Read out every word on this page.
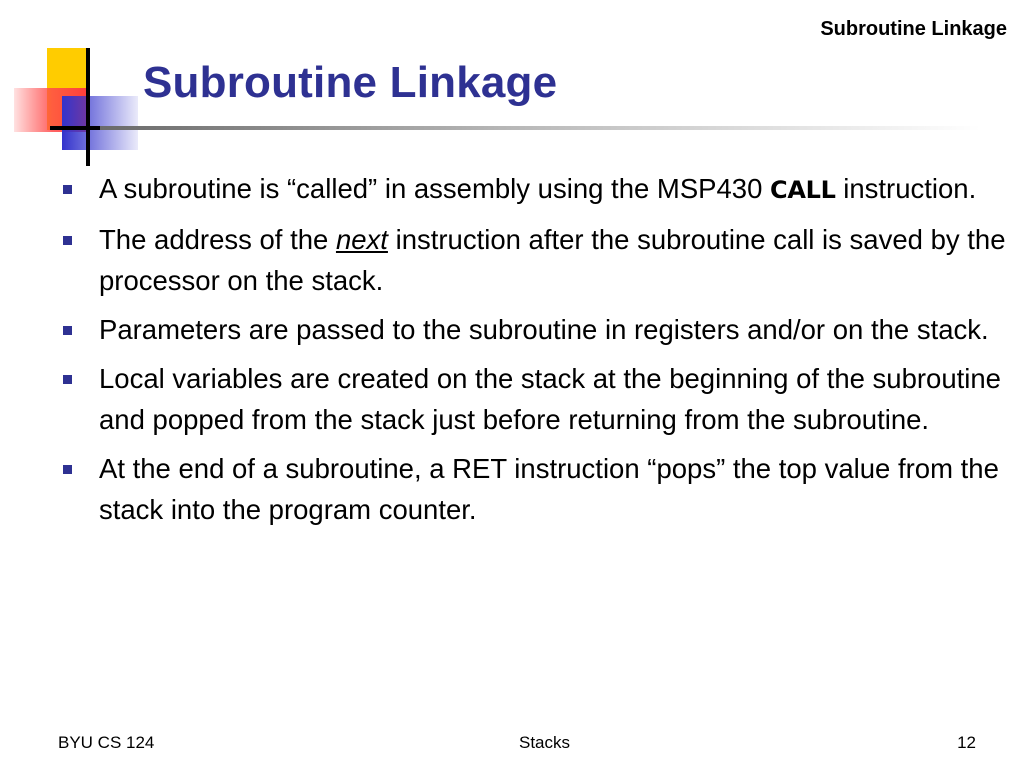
Subroutine Linkage
Subroutine Linkage
A subroutine is “called” in assembly using the MSP430 CALL instruction.
The address of the next instruction after the subroutine call is saved by the processor on the stack.
Parameters are passed to the subroutine in registers and/or on the stack.
Local variables are created on the stack at the beginning of the subroutine and popped from the stack just before returning from the subroutine.
At the end of a subroutine, a RET instruction “pops” the top value from the stack into the program counter.
BYU CS 124	Stacks	12
